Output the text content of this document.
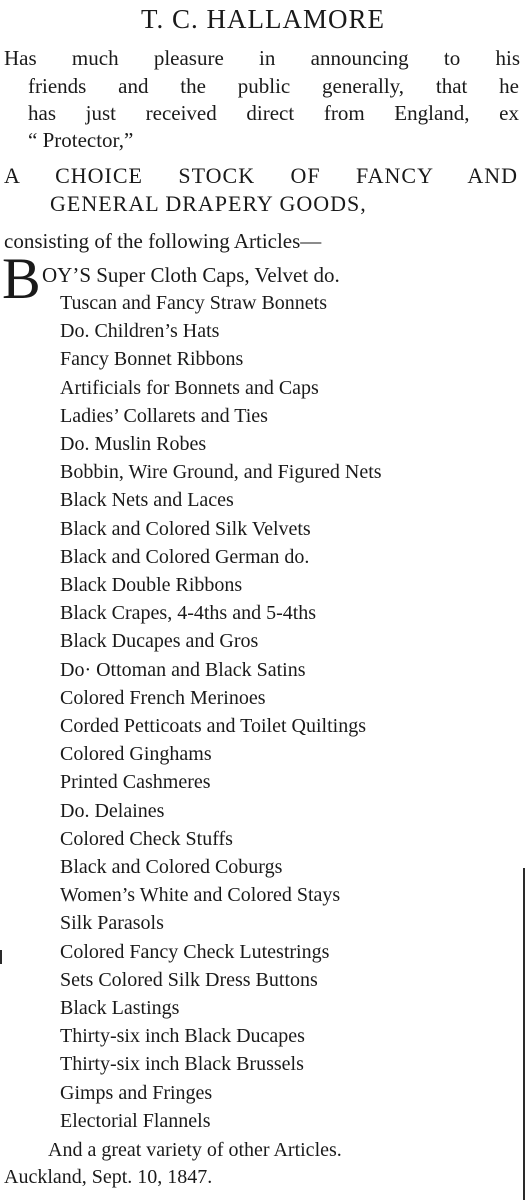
T. C. HALLAMORE
Has much pleasure in announcing to his
friends and the public generally, that he
has just received direct from England, ex
“ Protector,”
A CHOICE STOCK OF FANCY AND
GENERAL DRAPERY GOODS,
consisting of the following Articles—
B OY’S Super Cloth Caps, Velvet do.
Tuscan and Fancy Straw Bonnets
Do. Children’s Hats
Fancy Bonnet Ribbons
Artificials for Bonnets and Caps
Ladies’ Collarets and Ties
Do. Muslin Robes
Bobbin, Wire Ground, and Figured Nets
Black Nets and Laces
Black and Colored Silk Velvets
Black and Colored German do.
Black Double Ribbons
Black Crapes, 4-4ths and 5-4ths
Black Ducapes and Gros
Do· Ottoman and Black Satins
Colored French Merinoes
Corded Petticoats and Toilet Quiltings
Colored Ginghams
Printed Cashmeres
Do. Delaines
Colored Check Stuffs
Black and Colored Coburgs
Women’s White and Colored Stays
Silk Parasols
Colored Fancy Check Lutestrings
Sets Colored Silk Dress Buttons
Black Lastings
Thirty-six inch Black Ducapes
Thirty-six inch Black Brussels
Gimps and Fringes
Electorial Flannels
And a great variety of other Articles.
Auckland, Sept. 10, 1847.
